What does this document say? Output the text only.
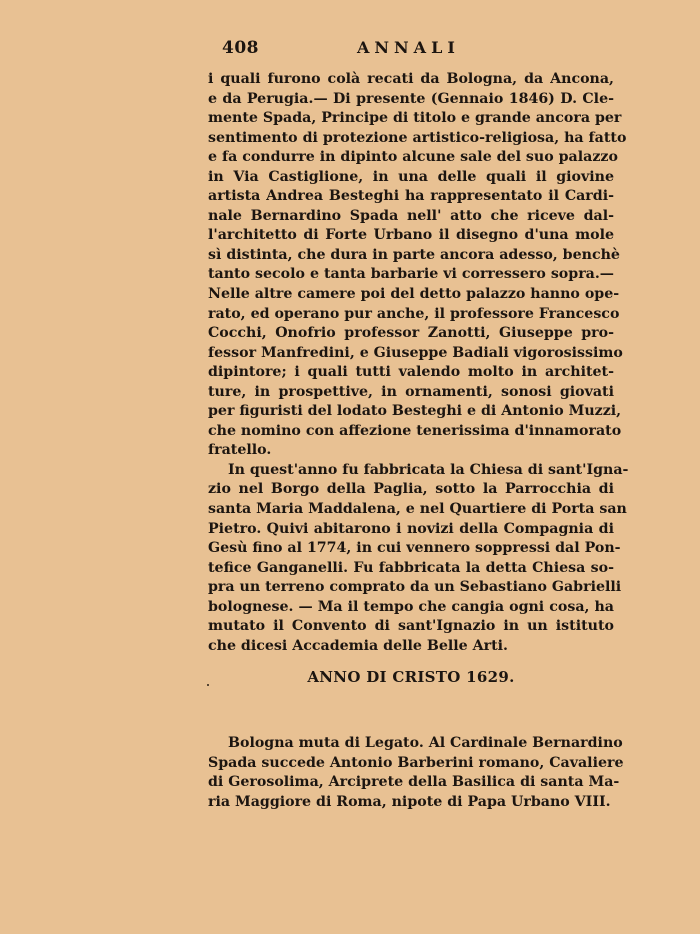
408	ANNALI
i quali furono colà recati da Bologna, da Ancona,
e da Perugia.— Di presente (Gennaio 1846) D. Cle-
mente Spada, Principe di titolo e grande ancora per
sentimento di protezione artistico-religiosa, ha fatto
e fa condurre in dipinto alcune sale del suo palazzo
in Via Castiglione, in una delle quali il giovine
artista Andrea Besteghi ha rappresentato il Cardi-
nale Bernardino Spada nell' atto che riceve dal-
l'architetto di Forte Urbano il disegno d'una mole
sì distinta, che dura in parte ancora adesso, benchè
tanto secolo e tanta barbarie vi corressero sopra.—
Nelle altre camere poi del detto palazzo hanno ope-
rato, ed operano pur anche, il professore Francesco
Cocchi, Onofrio professor Zanotti, Giuseppe pro-
fessor Manfredini, e Giuseppe Badiali vigorosissimo
dipintore; i quali tutti valendo molto in architet-
ture, in prospettive, in ornamenti, sonosi giovati
per figuristi del lodato Besteghi e di Antonio Muzzi,
che nomino con affezione tenerissima d'innamorato
fratello.
In quest'anno fu fabbricata la Chiesa di sant'Igna-
zio nel Borgo della Paglia, sotto la Parrocchia di
santa Maria Maddalena, e nel Quartiere di Porta san
Pietro. Quivi abitarono i novizi della Compagnia di
Gesù fino al 1774, in cui vennero soppressi dal Pon-
tefice Ganganelli. Fu fabbricata la detta Chiesa so-
pra un terreno comprato da un Sebastiano Gabrielli
bolognese. — Ma il tempo che cangia ogni cosa, ha
mutato il Convento di sant'Ignazio in un istituto
che dicesi Accademia delle Belle Arti.
ANNO DI CRISTO 1629.
Bologna muta di Legato. Al Cardinale Bernardino
Spada succede Antonio Barberini romano, Cavaliere
di Gerosolima, Arciprete della Basilica di santa Ma-
ria Maggiore di Roma, nipote di Papa Urbano VIII.
